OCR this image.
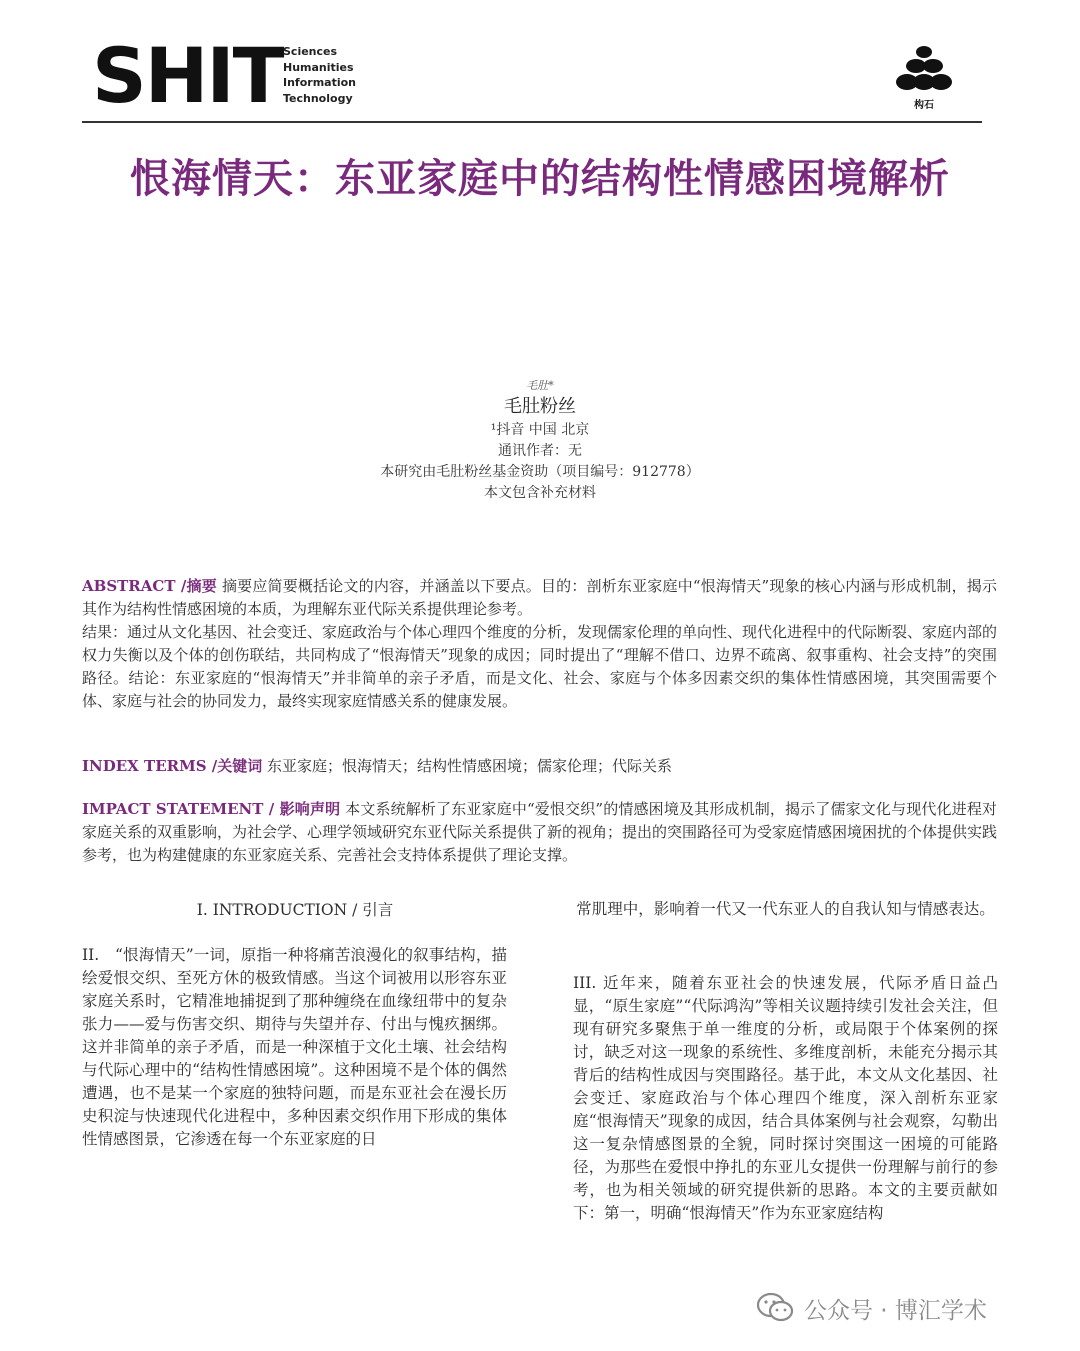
SHIT Sciences
Humanities
Information
Technology
构石
恨海情天：东亚家庭中的结构性情感困境解析
毛肚*
毛肚粉丝
¹抖音 中国 北京
通讯作者：无
本研究由毛肚粉丝基金资助（项目编号：912778）
本文包含补充材料
ABSTRACT /摘要 摘要应简要概括论文的内容，并涵盖以下要点。目的：剖析东亚家庭中“恨海情天”现象的核心内涵与形成机制，揭示其作为结构性情感困境的本质，为理解东亚代际关系提供理论参考。
结果：通过从文化基因、社会变迁、家庭政治与个体心理四个维度的分析，发现儒家伦理的单向性、现代化进程中的代际断裂、家庭内部的权力失衡以及个体的创伤联结，共同构成了“恨海情天”现象的成因；同时提出了“理解不借口、边界不疏离、叙事重构、社会支持”的突围路径。结论：东亚家庭的“恨海情天”并非简单的亲子矛盾，而是文化、社会、家庭与个体多因素交织的集体性情感困境，其突围需要个体、家庭与社会的协同发力，最终实现家庭情感关系的健康发展。
INDEX TERMS /关键词 东亚家庭；恨海情天；结构性情感困境；儒家伦理；代际关系
IMPACT STATEMENT / 影响声明 本文系统解析了东亚家庭中“爱恨交织”的情感困境及其形成机制，揭示了儒家文化与现代化进程对家庭关系的双重影响，为社会学、心理学领域研究东亚代际关系提供了新的视角；提出的突围路径可为受家庭情感困境困扰的个体提供实践参考，也为构建健康的东亚家庭关系、完善社会支持体系提供了理论支撑。
I. INTRODUCTION / 引言
II.　“恨海情天”一词，原指一种将痛苦浪漫化的叙事结构，描绘爱恨交织、至死方休的极致情感。当这个词被用以形容东亚家庭关系时，它精准地捕捉到了那种缠绕在血缘纽带中的复杂张力——爱与伤害交织、期待与失望并存、付出与愧疚捆绑。这并非简单的亲子矛盾，而是一种深植于文化土壤、社会结构与代际心理中的“结构性情感困境”。这种困境不是个体的偶然遭遇，也不是某一个家庭的独特问题，而是东亚社会在漫长历史积淀与快速现代化进程中，多种因素交织作用下形成的集体性情感图景，它渗透在每一个东亚家庭的日
常肌理中，影响着一代又一代东亚人的自我认知与情感表达。
III. 近年来，随着东亚社会的快速发展，代际矛盾日益凸显，“原生家庭”“代际鸿沟”等相关议题持续引发社会关注，但现有研究多聚焦于单一维度的分析，或局限于个体案例的探讨，缺乏对这一现象的系统性、多维度剖析，未能充分揭示其背后的结构性成因与突围路径。基于此，本文从文化基因、社会变迁、家庭政治与个体心理四个维度，深入剖析东亚家庭“恨海情天”现象的成因，结合具体案例与社会观察，勾勒出这一复杂情感图景的全貌，同时探讨突围这一困境的可能路径，为那些在爱恨中挣扎的东亚儿女提供一份理解与前行的参考，也为相关领域的研究提供新的思路。本文的主要贡献如下：第一，明确“恨海情天”作为东亚家庭结构
公众号 · 博汇学术
